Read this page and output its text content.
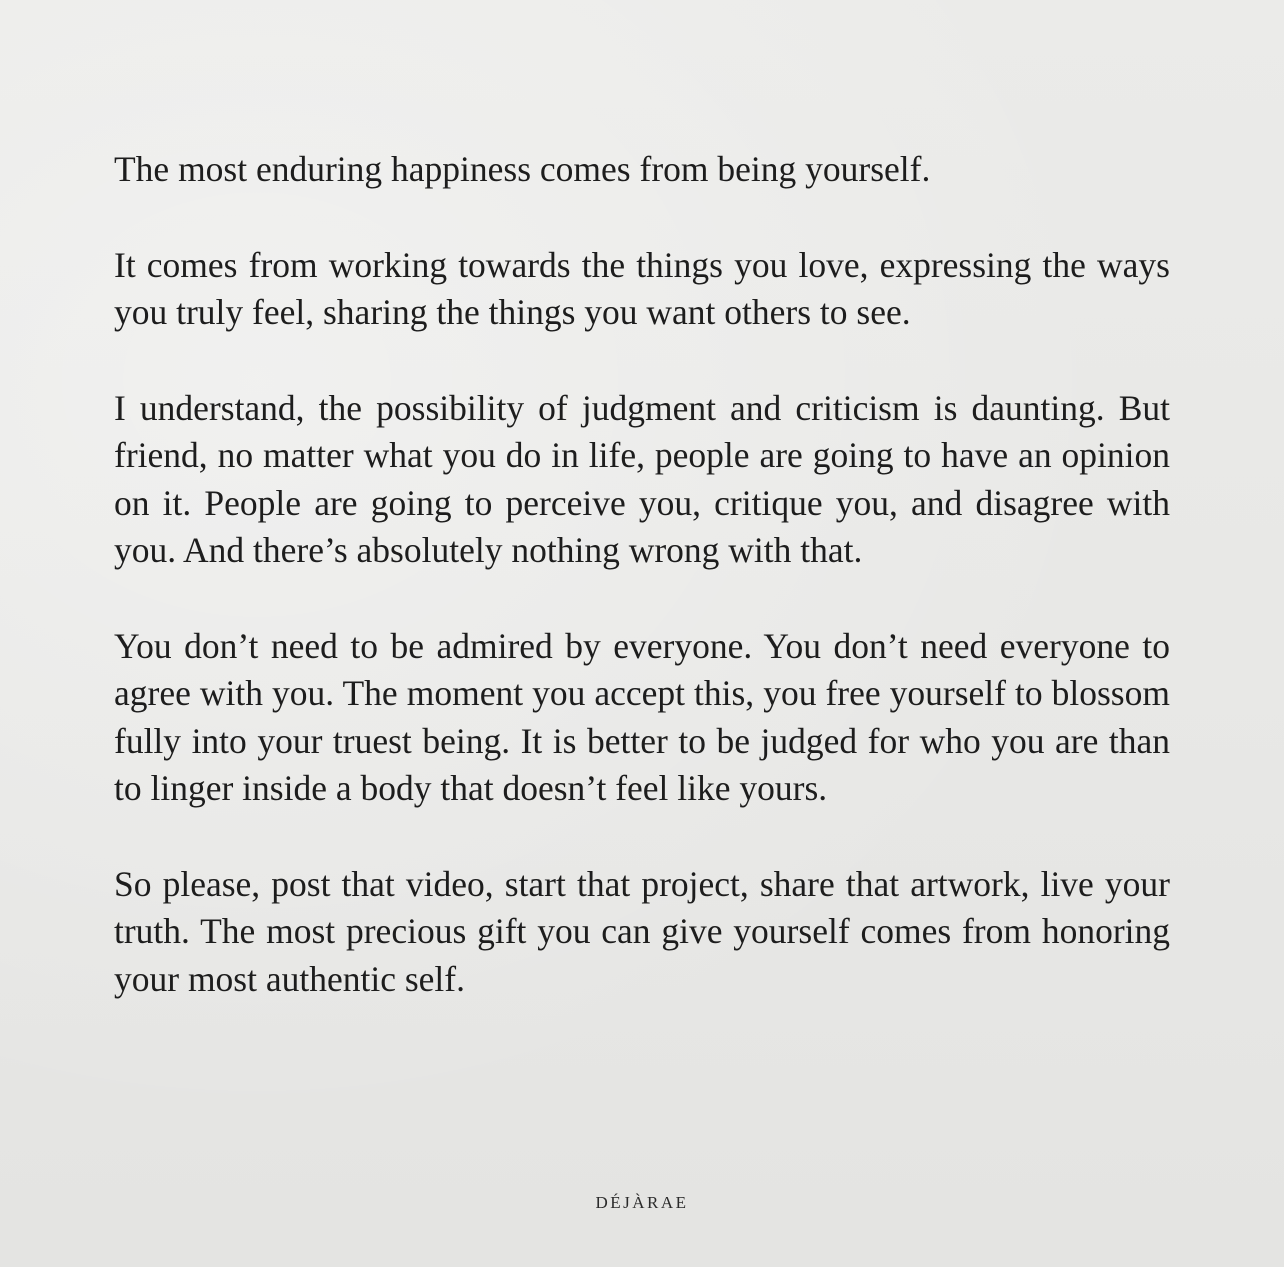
The most enduring happiness comes from being yourself.

It comes from working towards the things you love, expressing the ways you truly feel, sharing the things you want others to see.

I understand, the possibility of judgment and criticism is daunting. But friend, no matter what you do in life, people are going to have an opinion on it. People are going to perceive you, critique you, and disagree with you. And there’s absolutely nothing wrong with that.

You don’t need to be admired by everyone. You don’t need everyone to agree with you. The moment you accept this, you free yourself to blossom fully into your truest being. It is better to be judged for who you are than to linger inside a body that doesn’t feel like yours.

So please, post that video, start that project, share that artwork, live your truth. The most precious gift you can give yourself comes from honoring your most authentic self.

DÉJÀRAE
